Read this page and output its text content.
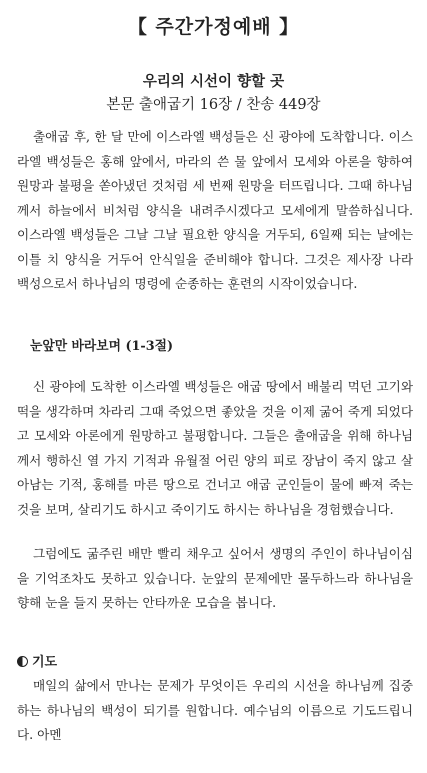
【 주간가정예배 】
우리의 시선이 향할 곳
본문 출애굽기 16장 / 찬송 449장

출애굽 후, 한 달 만에 이스라엘 백성들은 신 광야에 도착합니다. 이스라엘 백성들은 홍해 앞에서, 마라의 쓴 물 앞에서 모세와 아론을 향하여 원망과 불평을 쏟아냈던 것처럼 세 번째 원망을 터뜨립니다. 그때 하나님께서 하늘에서 비처럼 양식을 내려주시겠다고 모세에게 말씀하십니다. 이스라엘 백성들은 그날 그날 필요한 양식을 거두되, 6일째 되는 날에는 이틀 치 양식을 거두어 안식일을 준비해야 합니다. 그것은 제사장 나라 백성으로서 하나님의 명령에 순종하는 훈련의 시작이었습니다.

눈앞만 바라보며 (1-3절)

신 광야에 도착한 이스라엘 백성들은 애굽 땅에서 배불리 먹던 고기와 떡을 생각하며 차라리 그때 죽었으면 좋았을 것을 이제 굶어 죽게 되었다고 모세와 아론에게 원망하고 불평합니다. 그들은 출애굽을 위해 하나님께서 행하신 열 가지 기적과 유월절 어린 양의 피로 장남이 죽지 않고 살아남는 기적, 홍해를 마른 땅으로 건너고 애굽 군인들이 물에 빠져 죽는 것을 보며, 살리기도 하시고 죽이기도 하시는 하나님을 경험했습니다.

그럼에도 굶주린 배만 빨리 채우고 싶어서 생명의 주인이 하나님이심을 기억조차도 못하고 있습니다. 눈앞의 문제에만 몰두하느라 하나님을 향해 눈을 들지 못하는 안타까운 모습을 봅니다.

기도

매일의 삶에서 만나는 문제가 무엇이든 우리의 시선을 하나님께 집중하는 하나님의 백성이 되기를 원합니다. 예수님의 이름으로 기도드립니다. 아멘
